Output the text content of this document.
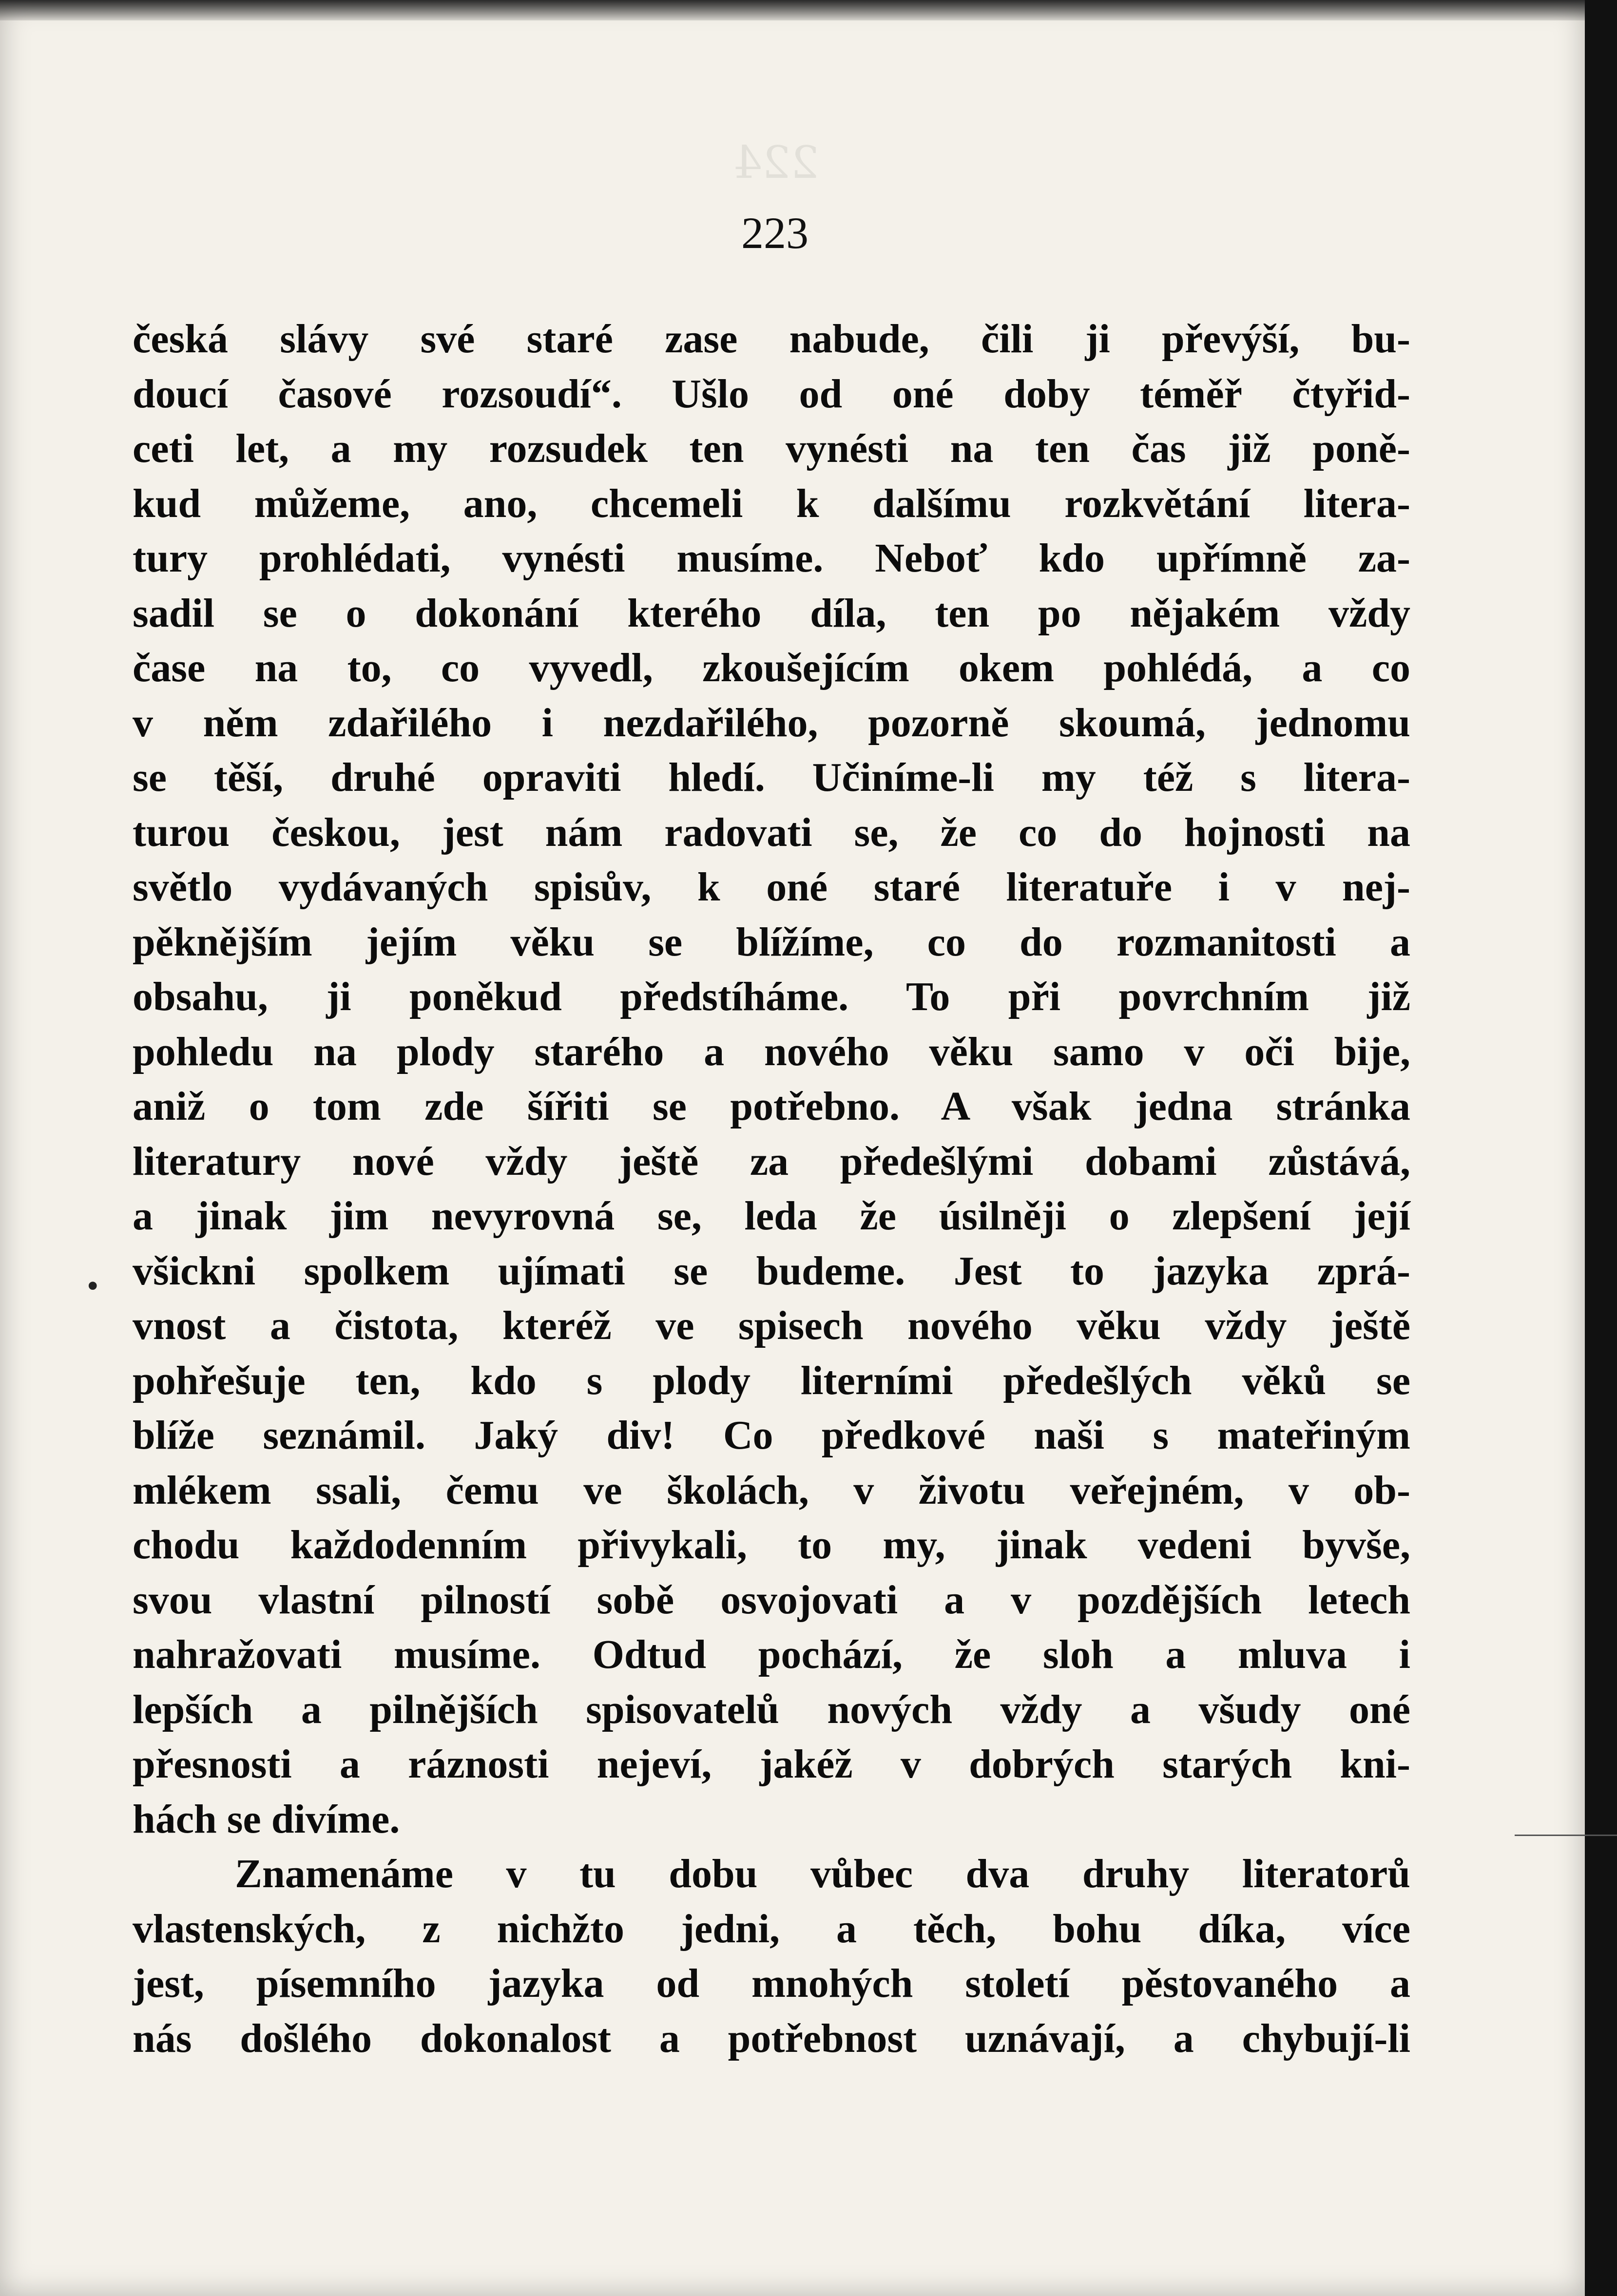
224
223
česká slávy své staré zase nabude, čili ji převýší, bu-
doucí časové rozsoudí“. Ušlo od oné doby téměř čtyřid-
ceti let, a my rozsudek ten vynésti na ten čas již poně-
kud můžeme, ano, chcemeli k dalšímu rozkvětání litera-
tury prohlédati, vynésti musíme. Neboť kdo upřímně za-
sadil se o dokonání kterého díla, ten po nějakém vždy
čase na to, co vyvedl, zkoušejícím okem pohlédá, a co
v něm zdařilého i nezdařilého, pozorně skoumá, jednomu
se těší, druhé opraviti hledí. Učiníme-li my též s litera-
turou českou, jest nám radovati se, že co do hojnosti na
světlo vydávaných spisův, k oné staré literatuře i v nej-
pěknějším jejím věku se blížíme, co do rozmanitosti a
obsahu, ji poněkud předstíháme. To při povrchním již
pohledu na plody starého a nového věku samo v oči bije,
aniž o tom zde šířiti se potřebno. A však jedna stránka
literatury nové vždy ještě za předešlými dobami zůstává,
a jinak jim nevyrovná se, leda že úsilněji o zlepšení její
všickni spolkem ujímati se budeme. Jest to jazyka zprá-
vnost a čistota, kteréž ve spisech nového věku vždy ještě
pohřešuje ten, kdo s plody literními předešlých věků se
blíže seznámil. Jaký div! Co předkové naši s mateřiným
mlékem ssali, čemu ve školách, v životu veřejném, v ob-
chodu každodenním přivykali, to my, jinak vedeni byvše,
svou vlastní pilností sobě osvojovati a v pozdějších letech
nahražovati musíme. Odtud pochází, že sloh a mluva i
lepších a pilnějších spisovatelů nových vždy a všudy oné
přesnosti a ráznosti nejeví, jakéž v dobrých starých kni-
hách se divíme.
Znamenáme v tu dobu vůbec dva druhy literatorů
vlastenských, z nichžto jedni, a těch, bohu díka, více
jest, písemního jazyka od mnohých století pěstovaného a
nás došlého dokonalost a potřebnost uznávají, a chybují-li
•
